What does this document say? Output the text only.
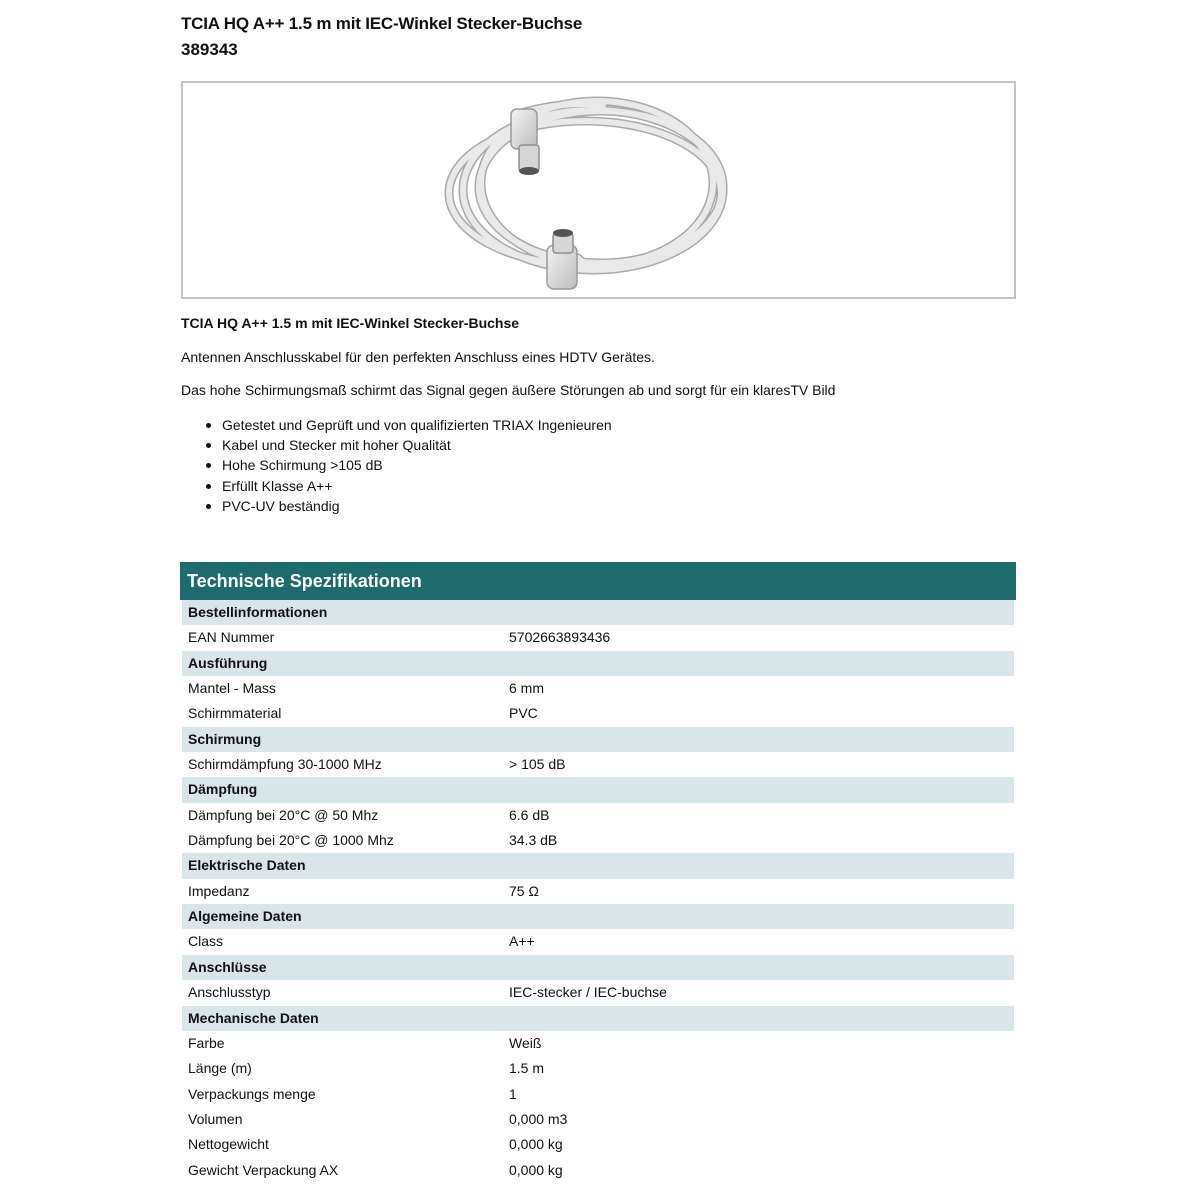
TCIA HQ A++ 1.5 m mit IEC-Winkel Stecker-Buchse
389343
TCIA HQ A++ 1.5 m mit IEC-Winkel Stecker-Buchse
Antennen Anschlusskabel für den perfekten Anschluss eines HDTV Gerätes.
Das hohe Schirmungsmaß schirmt das Signal gegen äußere Störungen ab und sorgt für ein klaresTV Bild
Getestet und Geprüft und von qualifizierten TRIAX Ingenieuren
Kabel und Stecker mit hoher Qualität
Hohe Schirmung >105 dB
Erfüllt Klasse A++
PVC-UV beständig
Technische Spezifikationen
Bestellinformationen
EAN Nummer	5702663893436
Ausführung
Mantel - Mass	6 mm
Schirmmaterial	PVC
Schirmung
Schirmdämpfung 30-1000 MHz	> 105 dB
Dämpfung
Dämpfung bei 20°C @ 50 Mhz	6.6 dB
Dämpfung bei 20°C @ 1000 Mhz	34.3 dB
Elektrische Daten
Impedanz	75 Ω
Algemeine Daten
Class	A++
Anschlüsse
Anschlusstyp	IEC-stecker / IEC-buchse
Mechanische Daten
Farbe	Weiß
Länge (m)	1.5 m
Verpackungs menge	1
Volumen	0,000 m3
Nettogewicht	0,000 kg
Gewicht Verpackung AX	0,000 kg
